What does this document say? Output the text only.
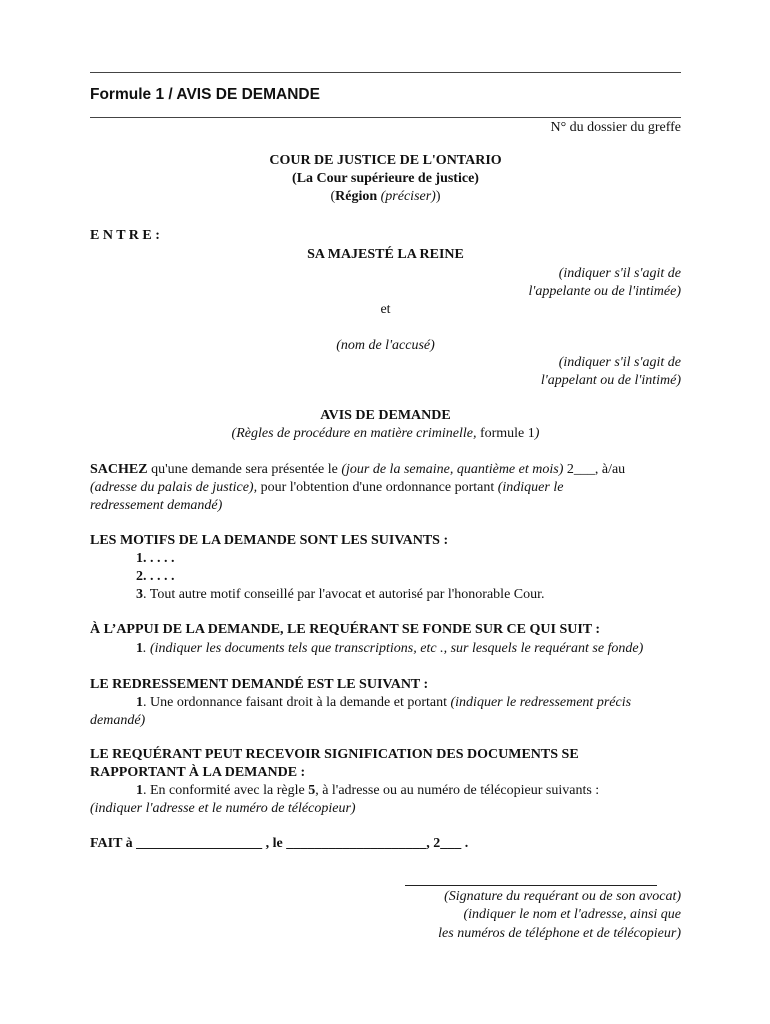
Formule 1 / AVIS DE DEMANDE
N° du dossier du greffe
COUR DE JUSTICE DE L'ONTARIO
(La Cour supérieure de justice)
(Région (préciser))
E N T R E :
SA MAJESTÉ LA REINE
(indiquer s'il s'agit de
l'appelante ou de l'intimée)
et
(nom de l'accusé)
(indiquer s'il s'agit de
l'appelant ou de l'intimé)
AVIS DE DEMANDE
(Règles de procédure en matière criminelle, formule 1)
SACHEZ qu'une demande sera présentée le (jour de la semaine, quantième et mois) 2___, à/au
(adresse du palais de justice), pour l'obtention d'une ordonnance portant (indiquer le
redressement demandé)
LES MOTIFS DE LA DEMANDE SONT LES SUIVANTS :
1. . . . .
2. . . . .
3. Tout autre motif conseillé par l'avocat et autorisé par l'honorable Cour.
À L’APPUI DE LA DEMANDE, LE REQUÉRANT SE FONDE SUR CE QUI SUIT :
1. (indiquer les documents tels que transcriptions, etc ., sur lesquels le requérant se fonde)
LE REDRESSEMENT DEMANDÉ EST LE SUIVANT :
1. Une ordonnance faisant droit à la demande et portant (indiquer le redressement précis
demandé)
LE REQUÉRANT PEUT RECEVOIR SIGNIFICATION DES DOCUMENTS SE
RAPPORTANT À LA DEMANDE :
1. En conformité avec la règle 5, à l'adresse ou au numéro de télécopieur suivants :
(indiquer l'adresse et le numéro de télécopieur)
FAIT à __________________ , le ____________________, 2___ .
(Signature du requérant ou de son avocat)
(indiquer le nom et l'adresse, ainsi que
les numéros de téléphone et de télécopieur)
